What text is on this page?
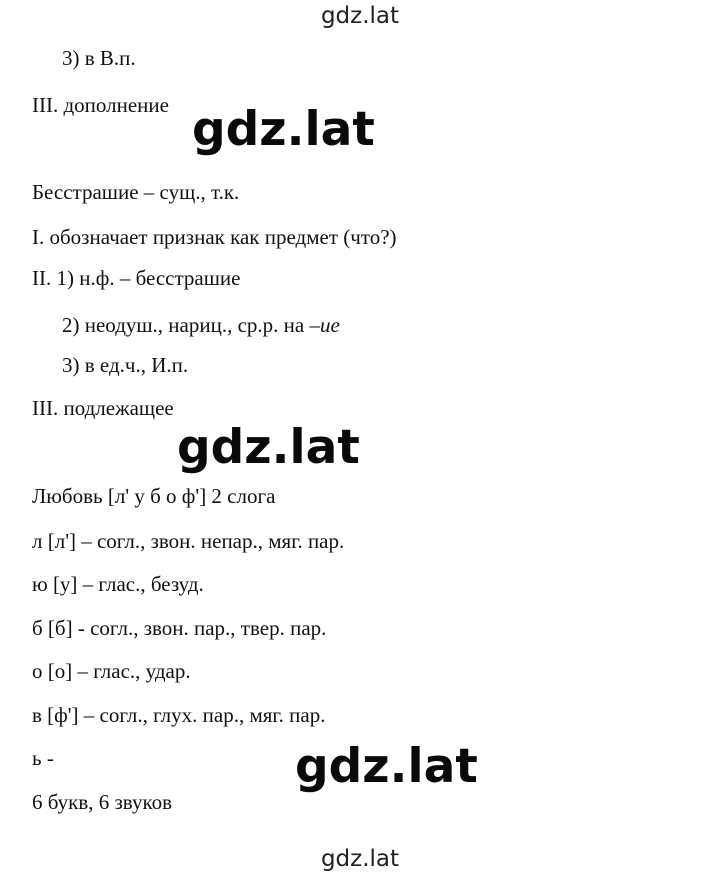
gdz.lat
3) в В.п.
III. дополнение gdz.lat
Бесстрашие – сущ., т.к.
I. обозначает признак как предмет (что?)
II. 1) н.ф. – бесстрашие
2) неодуш., нариц., ср.р. на –ие
3) в ед.ч., И.п.
III. подлежащее
gdz.lat
Любовь [л' у б о ф'] 2 слога
л [л'] – согл., звон. непар., мяг. пар.
ю [у] – глас., безуд.
б [б] - согл., звон. пар., твер. пар.
о [о] – глас., удар.
в [ф'] – согл., глух. пар., мяг. пар.
ь -	gdz.lat
6 букв, 6 звуков
gdz.lat
